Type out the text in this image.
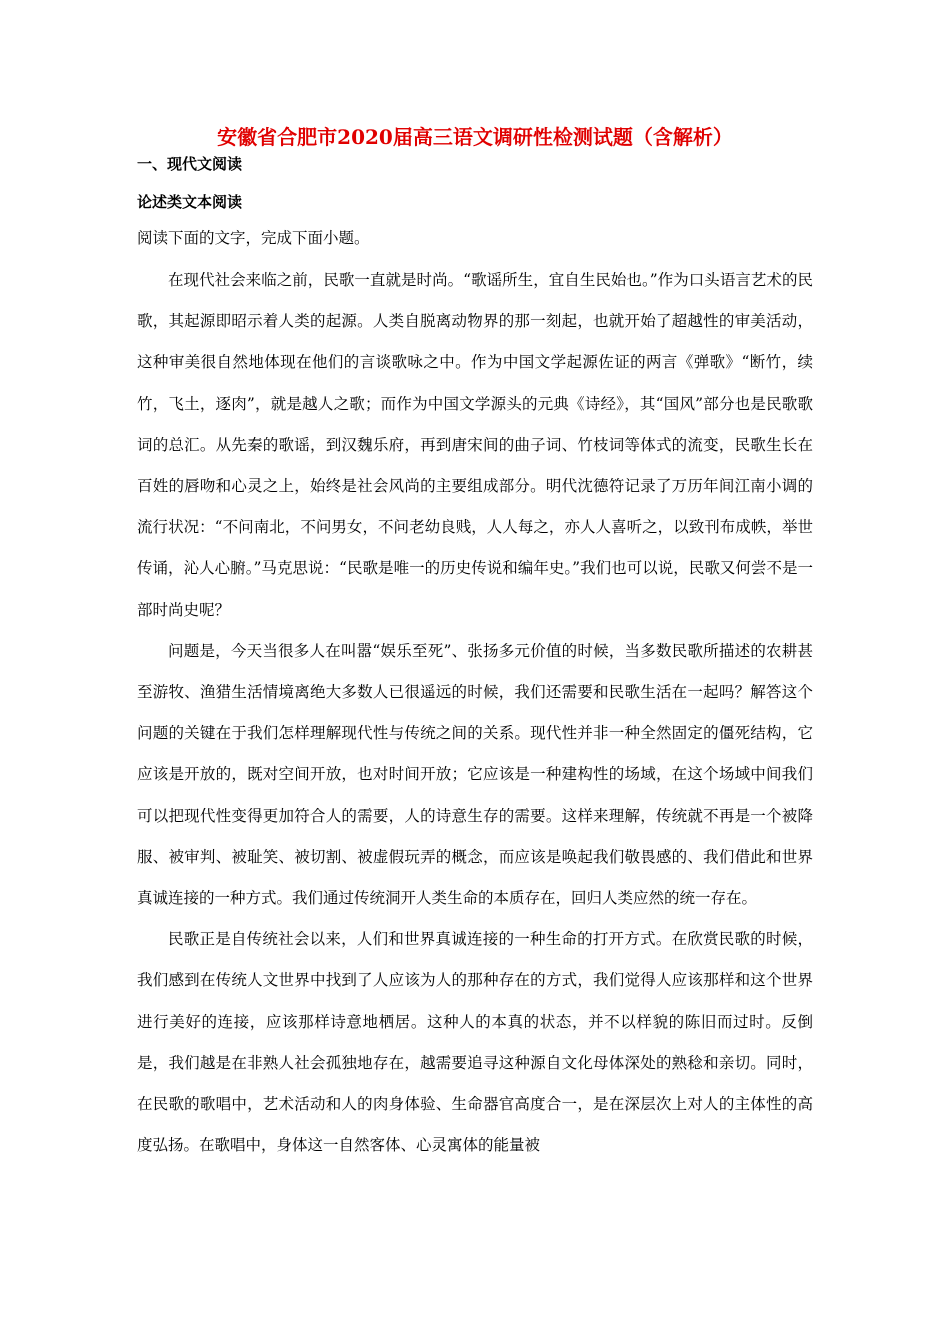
安徽省合肥市2020届高三语文调研性检测试题（含解析）
一、现代文阅读
论述类文本阅读
阅读下面的文字，完成下面小题。

在现代社会来临之前，民歌一直就是时尚。“歌谣所生，宜自生民始也。”作为口头语言艺术的民歌，其起源即昭示着人类的起源。人类自脱离动物界的那一刻起，也就开始了超越性的审美活动，这种审美很自然地体现在他们的言谈歌咏之中。作为中国文学起源佐证的两言《弹歌》“断竹，续竹，飞土，逐肉”，就是越人之歌；而作为中国文学源头的元典《诗经》，其“国风”部分也是民歌歌词的总汇。从先秦的歌谣，到汉魏乐府，再到唐宋间的曲子词、竹枝词等体式的流变，民歌生长在百姓的唇吻和心灵之上，始终是社会风尚的主要组成部分。明代沈德符记录了万历年间江南小调的流行状况：“不问南北，不问男女，不问老幼良贱，人人每之，亦人人喜听之，以致刊布成帙，举世传诵，沁人心腑。”马克思说：“民歌是唯一的历史传说和编年史。”我们也可以说，民歌又何尝不是一部时尚史呢？

问题是，今天当很多人在叫嚣“娱乐至死”、张扬多元价值的时候，当多数民歌所描述的农耕甚至游牧、渔猎生活情境离绝大多数人已很遥远的时候，我们还需要和民歌生活在一起吗？解答这个问题的关键在于我们怎样理解现代性与传统之间的关系。现代性并非一种全然固定的僵死结构，它应该是开放的，既对空间开放，也对时间开放；它应该是一种建构性的场域，在这个场域中间我们可以把现代性变得更加符合人的需要，人的诗意生存的需要。这样来理解，传统就不再是一个被降服、被审判、被耻笑、被切割、被虚假玩弄的概念，而应该是唤起我们敬畏感的、我们借此和世界真诚连接的一种方式。我们通过传统洞开人类生命的本质存在，回归人类应然的统一存在。

民歌正是自传统社会以来，人们和世界真诚连接的一种生命的打开方式。在欣赏民歌的时候，我们感到在传统人文世界中找到了人应该为人的那种存在的方式，我们觉得人应该那样和这个世界进行美好的连接，应该那样诗意地栖居。这种人的本真的状态，并不以样貌的陈旧而过时。反倒是，我们越是在非熟人社会孤独地存在，越需要追寻这种源自文化母体深处的熟稔和亲切。同时，在民歌的歌唱中，艺术活动和人的肉身体验、生命器官高度合一，是在深层次上对人的主体性的高度弘扬。在歌唱中，身体这一自然客体、心灵寓体的能量被
